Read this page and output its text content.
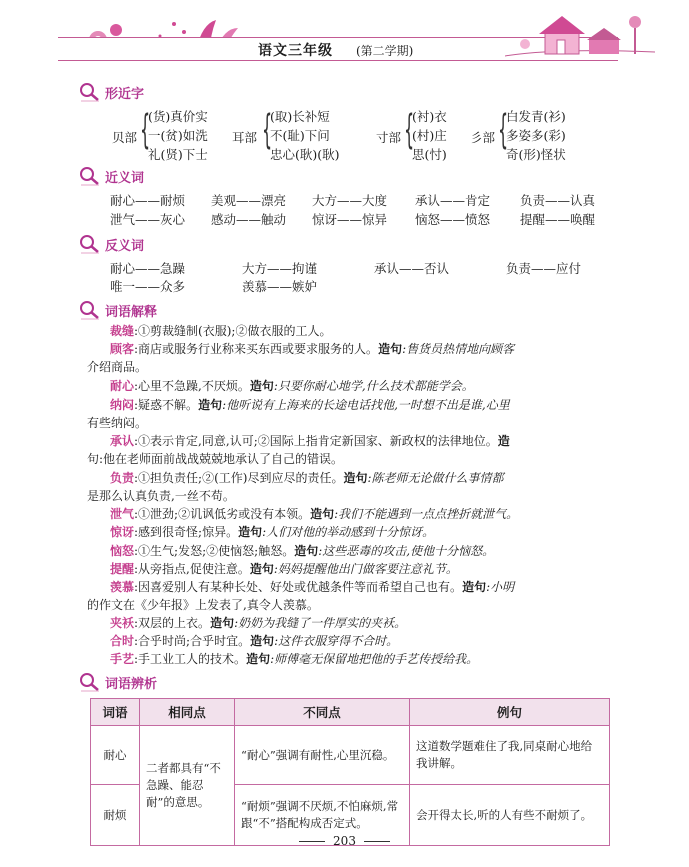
语文三年级 (第二学期)
形近字
贝部 {
(货)真价实
一(贫)如洗
礼(贤)下士
耳部 {
(取)长补短
不(耻)下问
忠心(耿)(耿)
寸部 {
(衬)衣
(村)庄
思(忖)
彡部 {
白发青(衫)
多姿多(彩)
奇(形)怪状
近义词
耐心——耐烦 美观——漂亮 大方——大度 承认——肯定 负责——认真
泄气——灰心 感动——触动 惊讶——惊异 恼怒——愤怒 提醒——唤醒
反义词
耐心——急躁	大方——拘谨	承认——否认	负责——应付
唯一——众多	羡慕——嫉妒
词语解释
裁缝:①剪裁缝制(衣服);②做衣服的工人。
顾客:商店或服务行业称来买东西或要求服务的人。造句:售货员热情地向顾客
介绍商品。
耐心:心里不急躁,不厌烦。造句:只要你耐心地学,什么技术都能学会。
纳闷:疑惑不解。造句:他听说有上海来的长途电话找他,一时想不出是谁,心里
有些纳闷。
承认:①表示肯定,同意,认可;②国际上指肯定新国家、新政权的法律地位。造
句:他在老师面前战战兢兢地承认了自己的错误。
负责:①担负责任;②(工作)尽到应尽的责任。造句:陈老师无论做什么事情都
是那么认真负责,一丝不苟。
泄气:①泄劲;②讥讽低劣或没有本领。造句:我们不能遇到一点点挫折就泄气。
惊讶:感到很奇怪;惊异。造句:人们对他的举动感到十分惊讶。
恼怒:①生气;发怒;②使恼怒;触怒。造句:这些恶毒的攻击,使他十分恼怒。
提醒:从旁指点,促使注意。造句:妈妈提醒他出门做客要注意礼节。
羡慕:因喜爱别人有某种长处、好处或优越条件等而希望自己也有。造句:小明
的作文在《少年报》上发表了,真令人羡慕。
夹袄:双层的上衣。造句:奶奶为我缝了一件厚实的夹袄。
合时:合乎时尚;合乎时宜。造句:这件衣服穿得不合时。
手艺:手工业工人的技术。造句:师傅毫无保留地把他的手艺传授给我。
词语辨析
词语	相同点	不同点	例句
耐心	二者都具有“不急躁、能忍耐”的意思。	“耐心”强调有耐性,心里沉稳。	这道数学题难住了我,同桌耐心地给我讲解。
耐烦		“耐烦”强调不厌烦,不怕麻烦,常跟“不”搭配构成否定式。	会开得太长,听的人有些不耐烦了。
203
